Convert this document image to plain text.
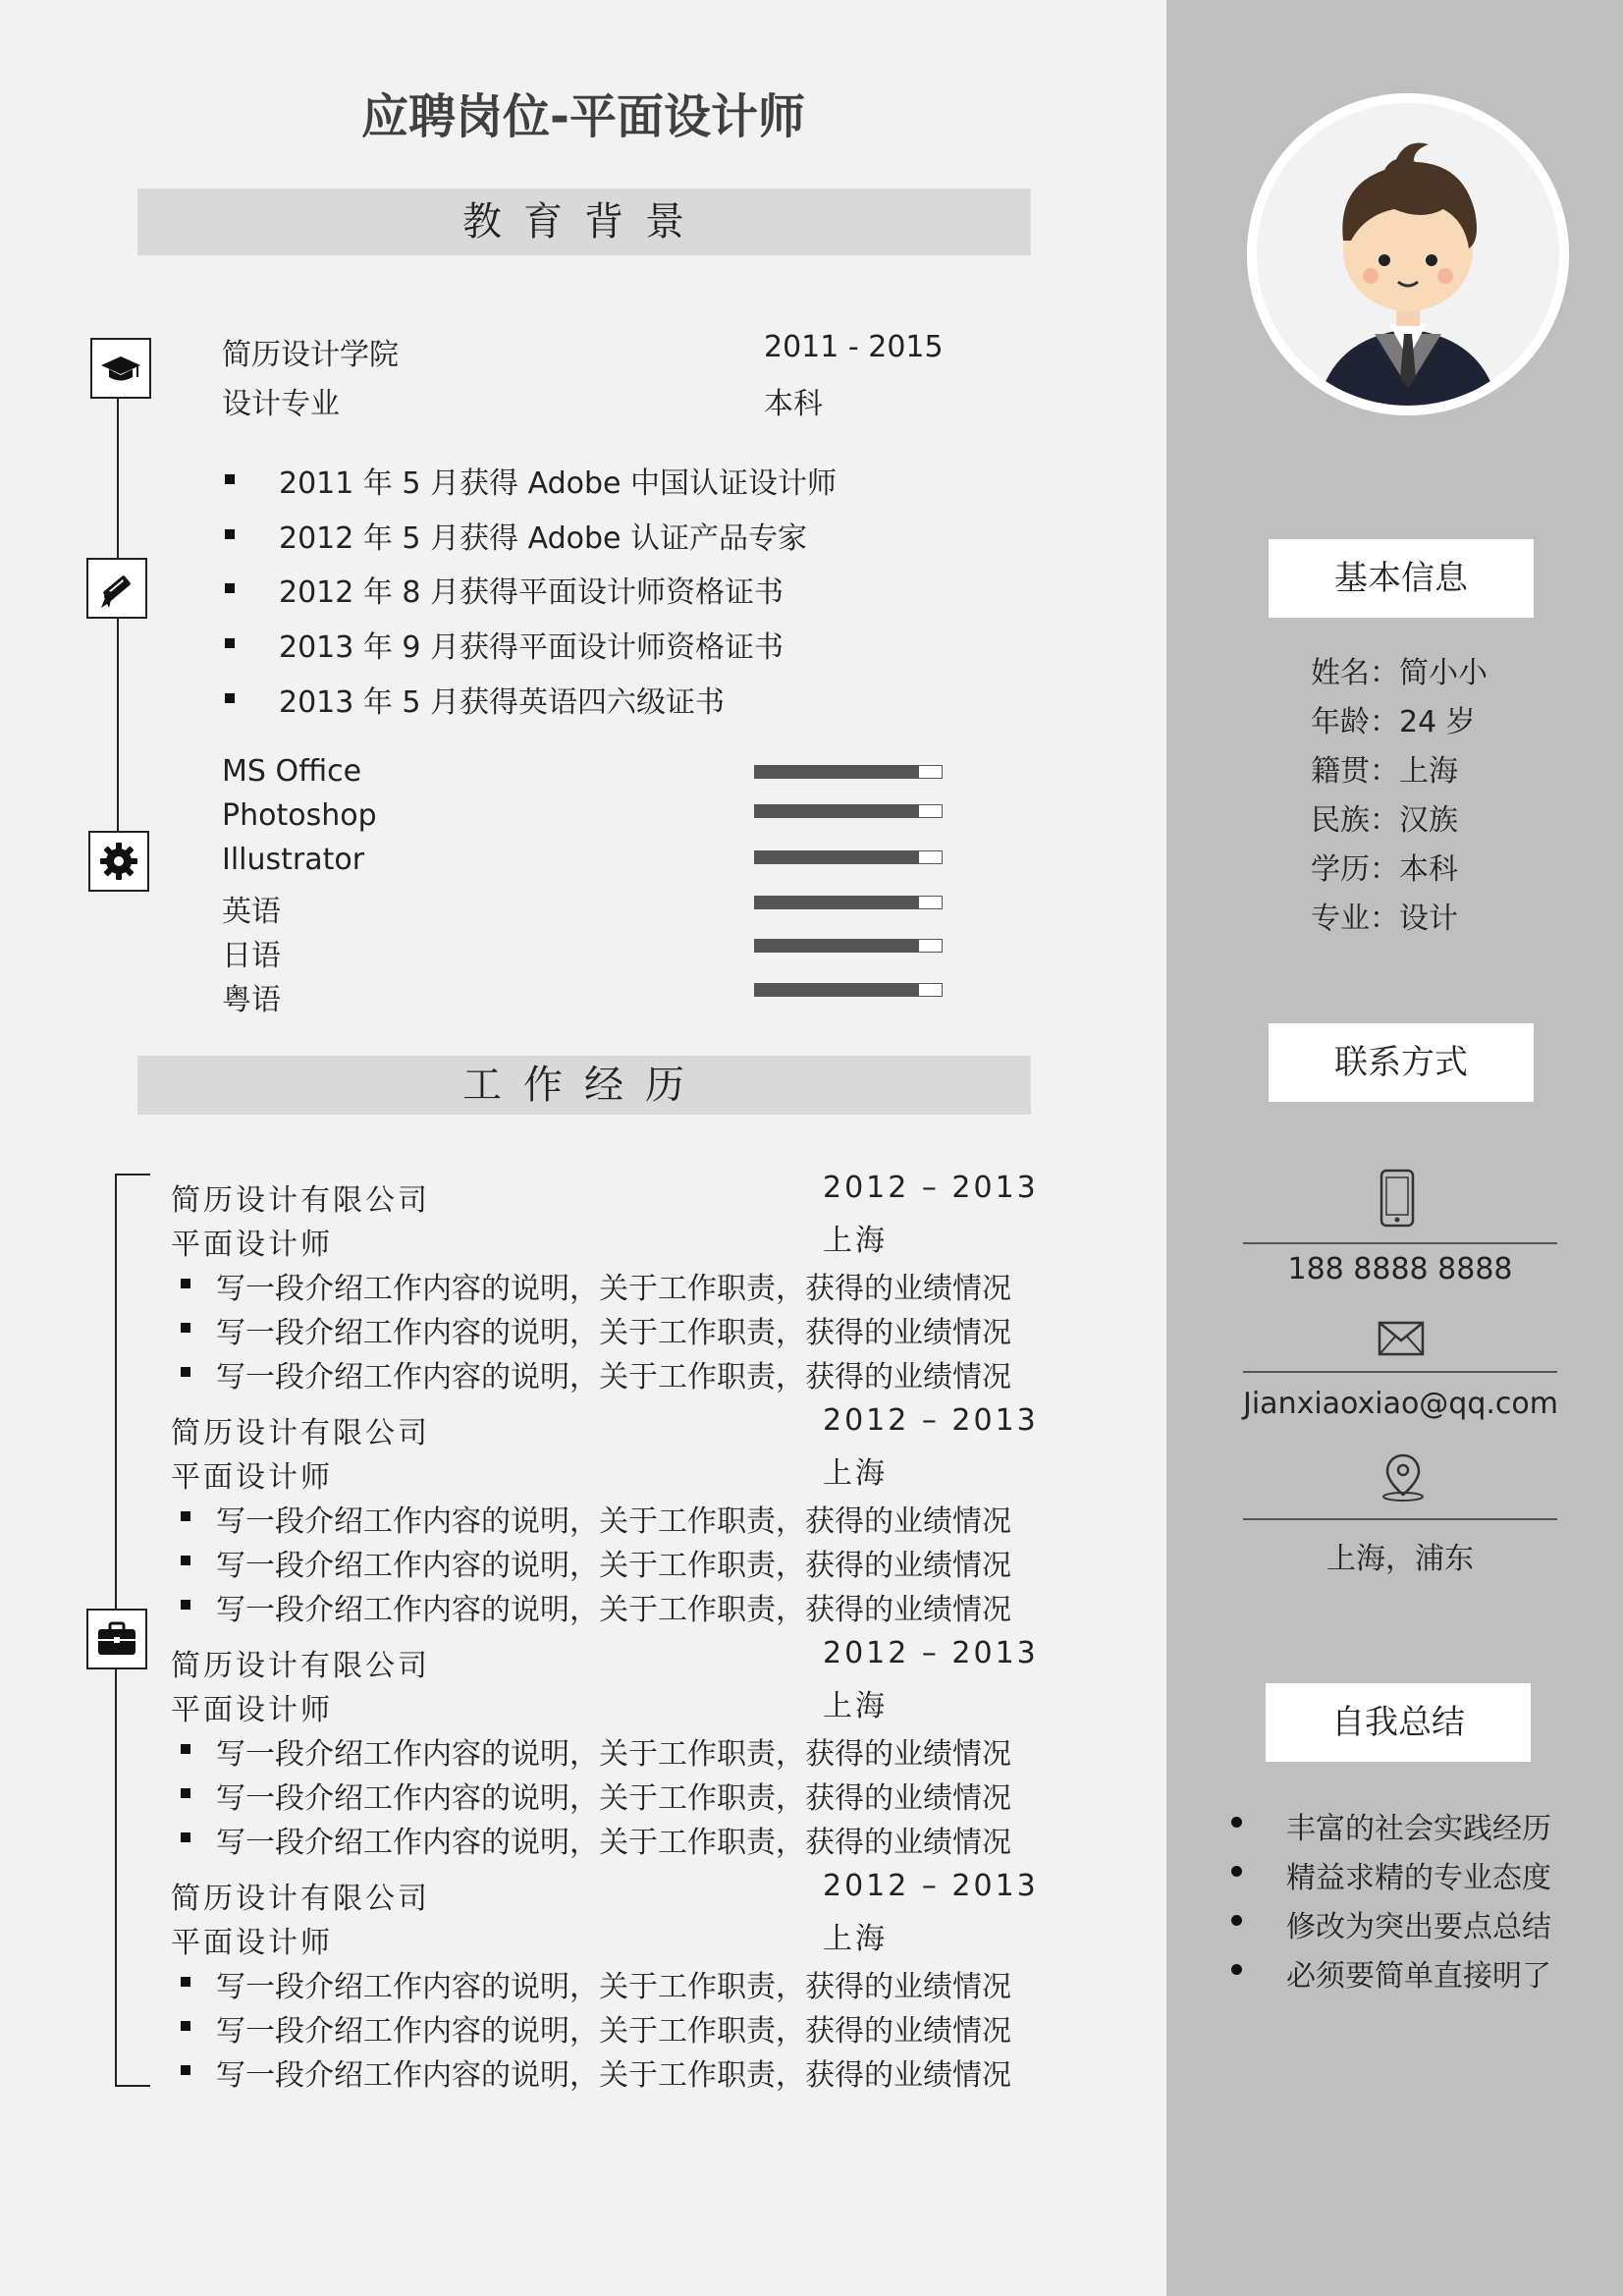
应聘岗位-平面设计师
教育背景
简历设计学院	2011 - 2015
设计专业	本科
2011 年 5 月获得 Adobe 中国认证设计师
2012 年 5 月获得 Adobe 认证产品专家
2012 年 8 月获得平面设计师资格证书
2013 年 9 月获得平面设计师资格证书
2013 年 5 月获得英语四六级证书
MS Office
Photoshop
Illustrator
英语
日语
粤语
工作经历
简历设计有限公司	2012 – 2013
平面设计师	上海
写一段介绍工作内容的说明，关于工作职责，获得的业绩情况
写一段介绍工作内容的说明，关于工作职责，获得的业绩情况
写一段介绍工作内容的说明，关于工作职责，获得的业绩情况
简历设计有限公司	2012 – 2013
平面设计师	上海
写一段介绍工作内容的说明，关于工作职责，获得的业绩情况
写一段介绍工作内容的说明，关于工作职责，获得的业绩情况
写一段介绍工作内容的说明，关于工作职责，获得的业绩情况
简历设计有限公司	2012 – 2013
平面设计师	上海
写一段介绍工作内容的说明，关于工作职责，获得的业绩情况
写一段介绍工作内容的说明，关于工作职责，获得的业绩情况
写一段介绍工作内容的说明，关于工作职责，获得的业绩情况
简历设计有限公司	2012 – 2013
平面设计师	上海
写一段介绍工作内容的说明，关于工作职责，获得的业绩情况
写一段介绍工作内容的说明，关于工作职责，获得的业绩情况
写一段介绍工作内容的说明，关于工作职责，获得的业绩情况
基本信息
姓名：简小小
年龄：24 岁
籍贯：上海
民族：汉族
学历：本科
专业：设计
联系方式
188 8888 8888
Jianxiaoxiao@qq.com
上海，浦东
自我总结
丰富的社会实践经历
精益求精的专业态度
修改为突出要点总结
必须要简单直接明了
